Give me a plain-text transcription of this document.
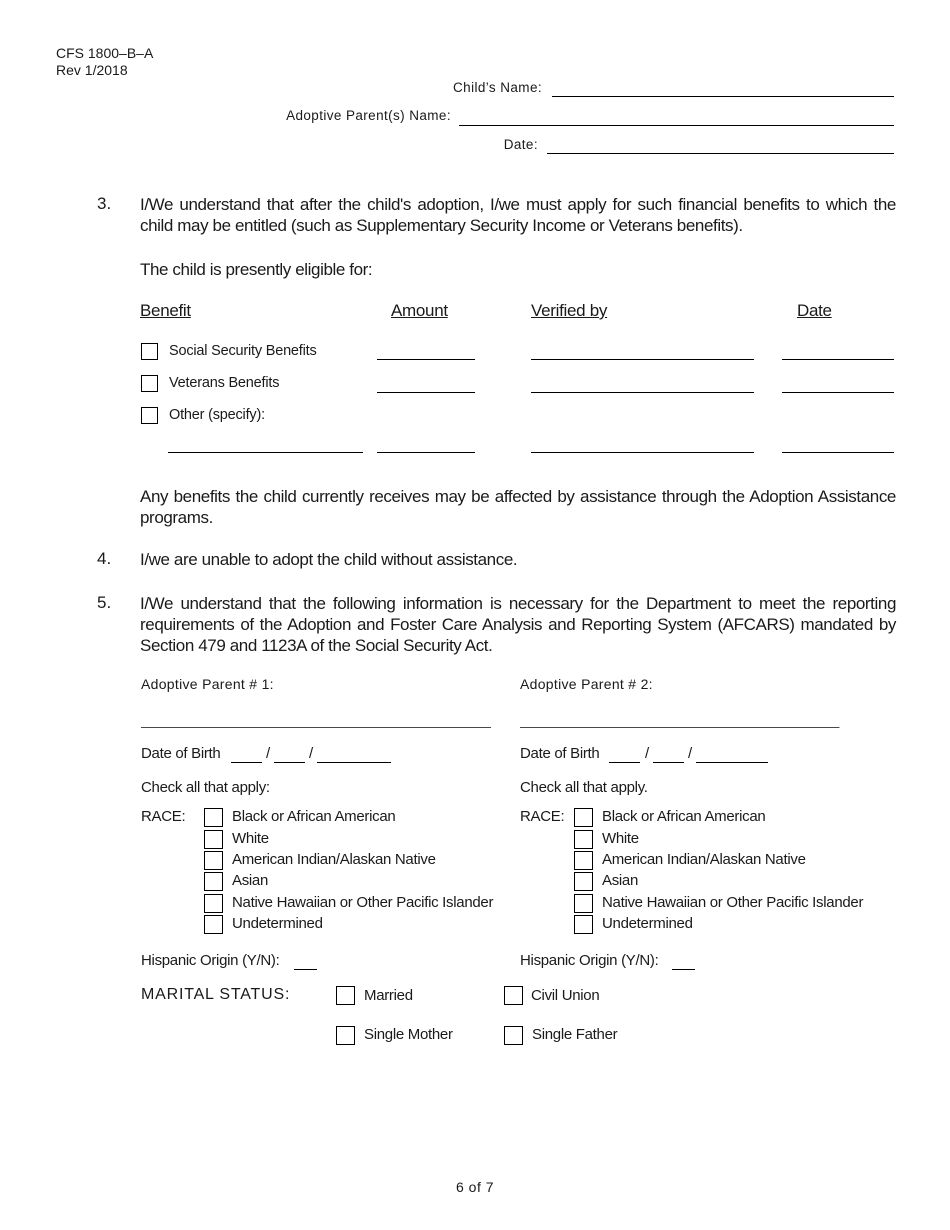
CFS 1800–B–A
Rev 1/2018
Child’s Name:
Adoptive Parent(s) Name:
Date:
3. I/We understand that after the child's adoption, I/we must apply for such financial benefits to which the child may be entitled (such as Supplementary Security Income or Veterans benefits).
The child is presently eligible for:
Benefit	Amount	Verified by	Date
Social Security Benefits
Veterans Benefits
Other (specify):
Any benefits the child currently receives may be affected by assistance through the Adoption Assistance programs.
4. I/we are unable to adopt the child without assistance.
5. I/We understand that the following information is necessary for the Department to meet the reporting requirements of the Adoption and Foster Care Analysis and Reporting System (AFCARS) mandated by Section 479 and 1123A of the Social Security Act.
Adoptive Parent # 1:
_____________________________________________
Date of Birth	/	/
Check all that apply:
RACE:	Black or African American
White
American Indian/Alaskan Native
Asian
Native Hawaiian or Other Pacific Islander
Undetermined
Hispanic Origin (Y/N):
Adoptive Parent # 2:
_________________________________________
Date of Birth	/	/
Check all that apply.
RACE:	Black or African American
White
American Indian/Alaskan Native
Asian
Native Hawaiian or Other Pacific Islander
Undetermined
Hispanic Origin (Y/N):
MARITAL STATUS:	Married	Civil Union
Single Mother	Single Father
6 of 7
